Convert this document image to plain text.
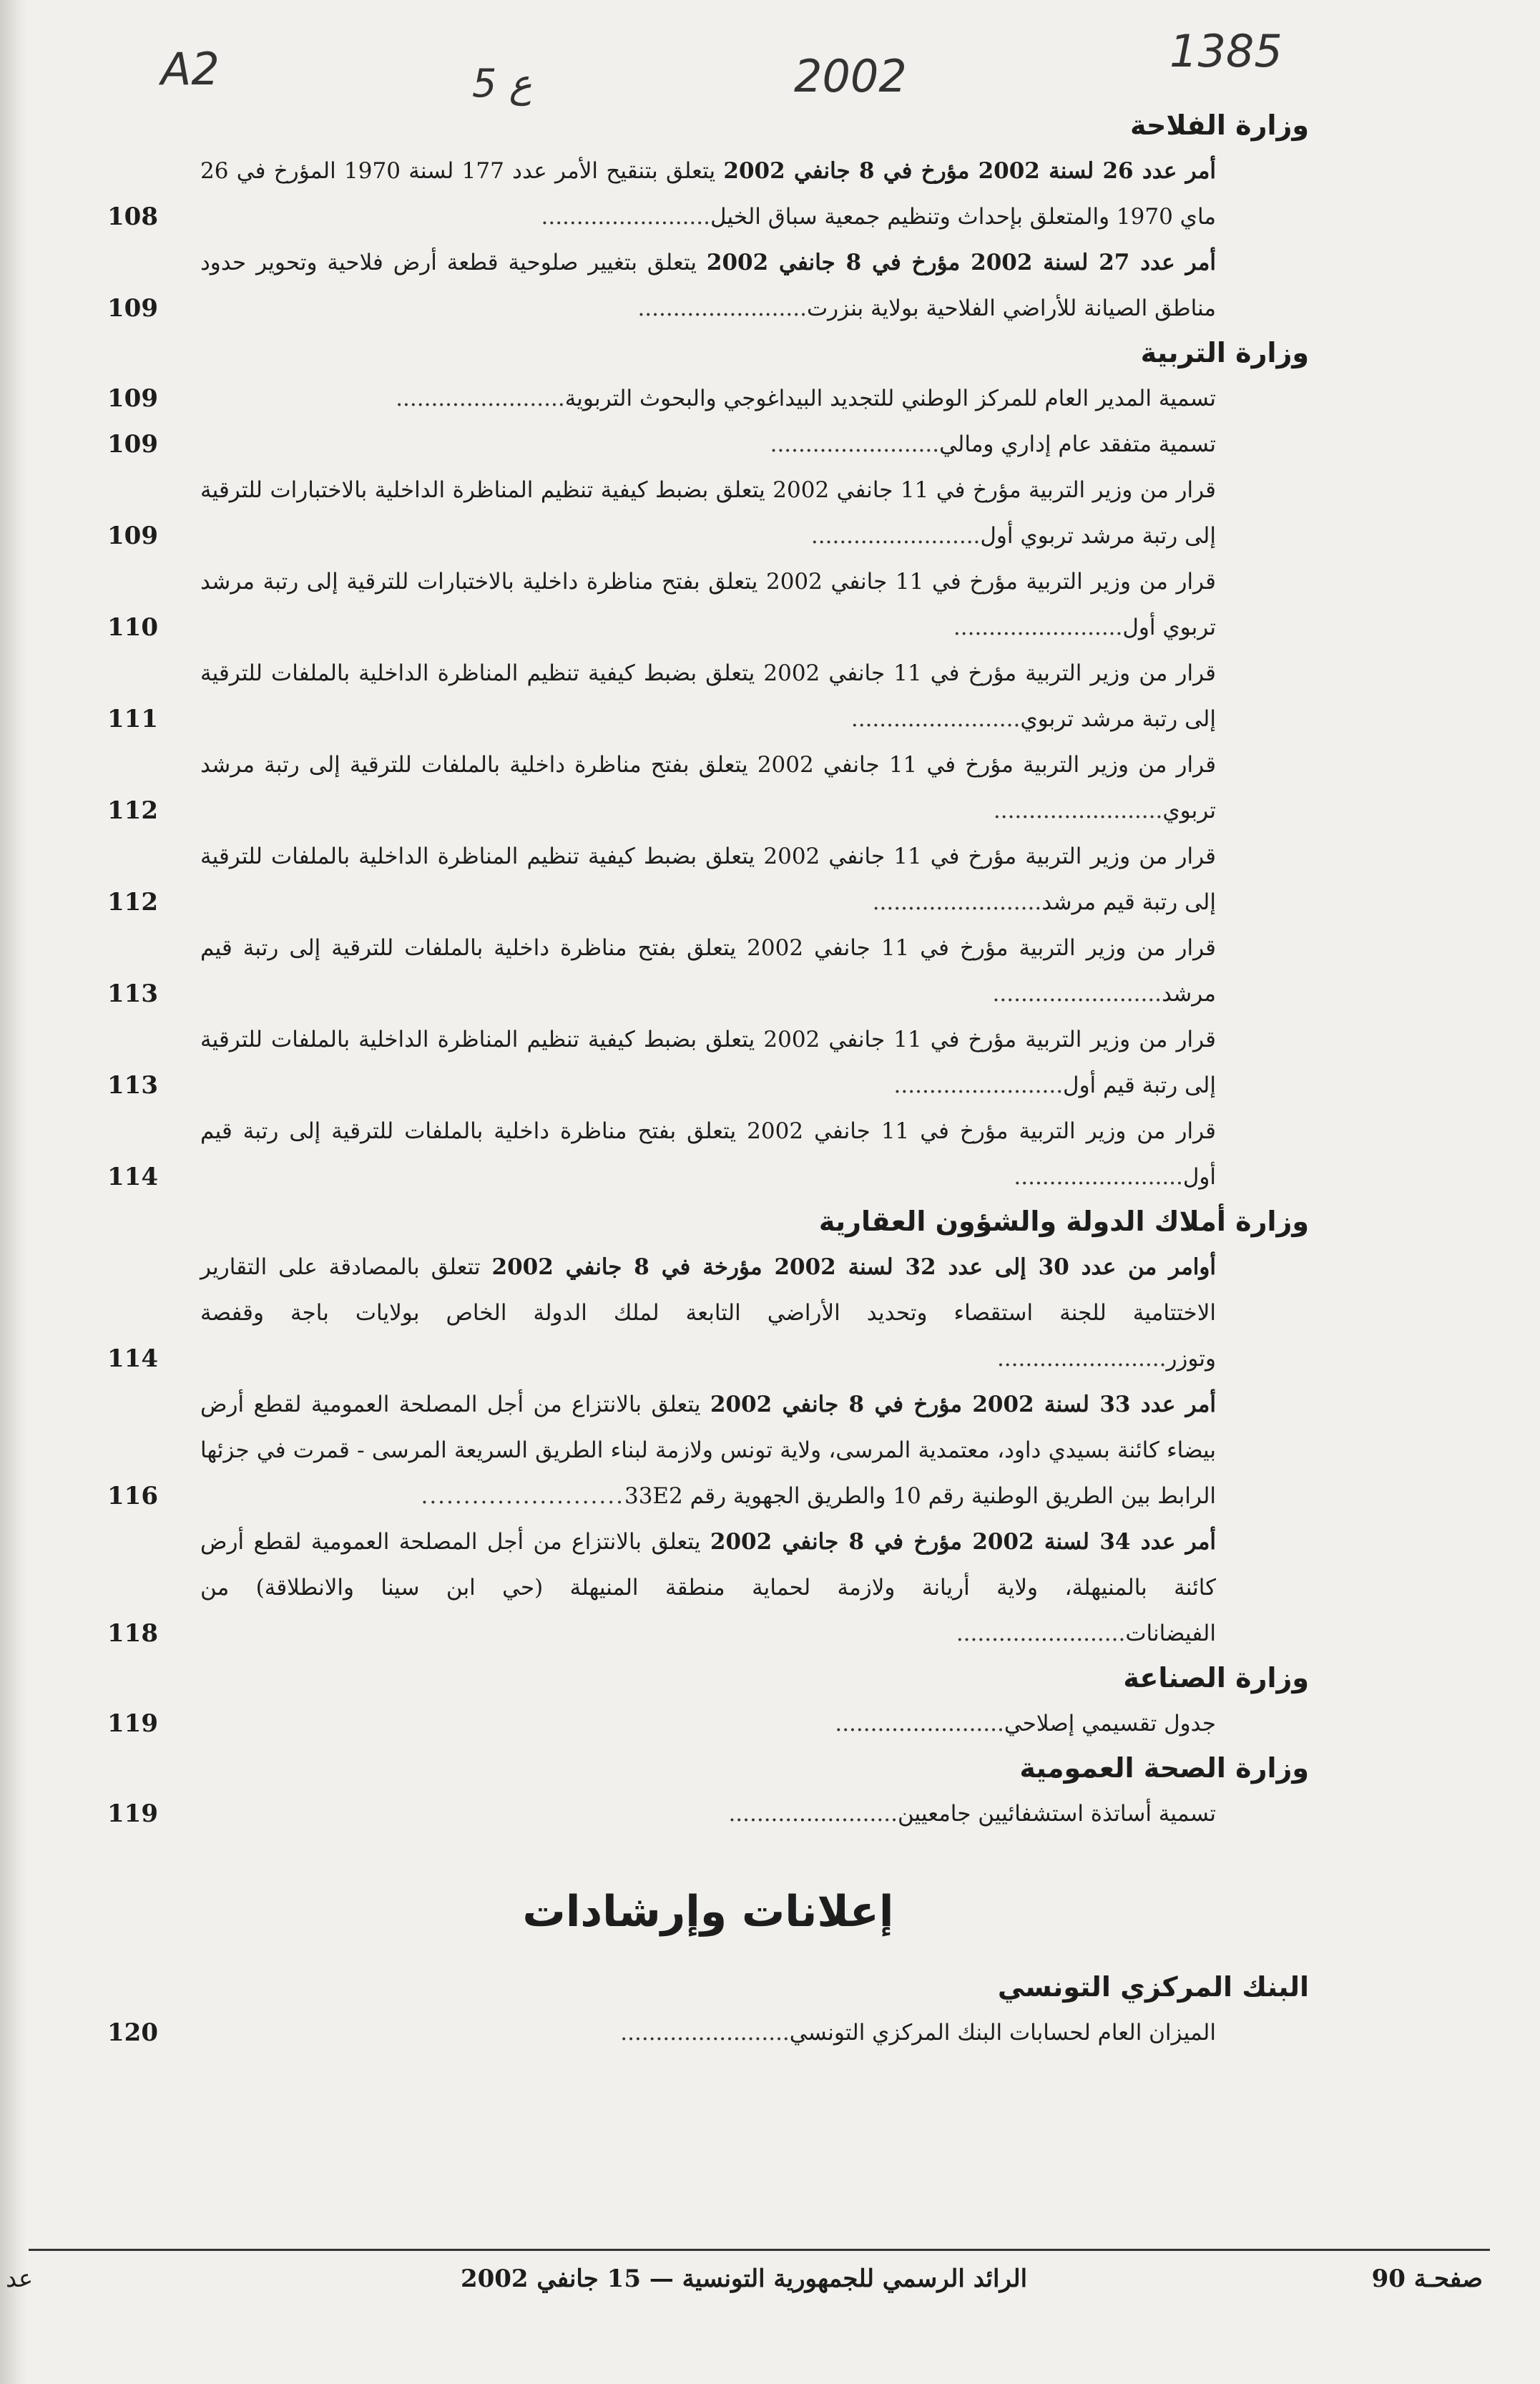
A2	5 ع	2002	1385
وزارة الفلاحة
أمر عدد 26 لسنة 2002 مؤرخ في 8 جانفي 2002 يتعلق بتنقيح الأمر عدد 177 لسنة 1970 المؤرخ في 26 ماي 1970 والمتعلق بإحداث وتنظيم جمعية سباق الخيل........................
108
أمر عدد 27 لسنة 2002 مؤرخ في 8 جانفي 2002 يتعلق بتغيير صلوحية قطعة أرض فلاحية وتحوير حدود مناطق الصيانة للأراضي الفلاحية بولاية بنزرت........................
109
وزارة التربية
تسمية المدير العام للمركز الوطني للتجديد البيداغوجي والبحوث التربوية........................
109
تسمية متفقد عام إداري ومالي........................
109
قرار من وزير التربية مؤرخ في 11 جانفي 2002 يتعلق بضبط كيفية تنظيم المناظرة الداخلية بالاختبارات للترقية إلى رتبة مرشد تربوي أول........................
109
قرار من وزير التربية مؤرخ في 11 جانفي 2002 يتعلق بفتح مناظرة داخلية بالاختبارات للترقية إلى رتبة مرشد تربوي أول........................
110
قرار من وزير التربية مؤرخ في 11 جانفي 2002 يتعلق بضبط كيفية تنظيم المناظرة الداخلية بالملفات للترقية إلى رتبة مرشد تربوي........................
111
قرار من وزير التربية مؤرخ في 11 جانفي 2002 يتعلق بفتح مناظرة داخلية بالملفات للترقية إلى رتبة مرشد تربوي........................
112
قرار من وزير التربية مؤرخ في 11 جانفي 2002 يتعلق بضبط كيفية تنظيم المناظرة الداخلية بالملفات للترقية إلى رتبة قيم مرشد........................
112
قرار من وزير التربية مؤرخ في 11 جانفي 2002 يتعلق بفتح مناظرة داخلية بالملفات للترقية إلى رتبة قيم مرشد........................
113
قرار من وزير التربية مؤرخ في 11 جانفي 2002 يتعلق بضبط كيفية تنظيم المناظرة الداخلية بالملفات للترقية إلى رتبة قيم أول........................
113
قرار من وزير التربية مؤرخ في 11 جانفي 2002 يتعلق بفتح مناظرة داخلية بالملفات للترقية إلى رتبة قيم أول........................
114
وزارة أملاك الدولة والشؤون العقارية
أوامر من عدد 30 إلى عدد 32 لسنة 2002 مؤرخة في 8 جانفي 2002 تتعلق بالمصادقة على التقارير الاختتامية للجنة استقصاء وتحديد الأراضي التابعة لملك الدولة الخاص بولايات باجة وقفصة وتوزر........................
114
أمر عدد 33 لسنة 2002 مؤرخ في 8 جانفي 2002 يتعلق بالانتزاع من أجل المصلحة العمومية لقطع أرض بيضاء كائنة بسيدي داود، معتمدية المرسى، ولاية تونس ولازمة لبناء الطريق السريعة المرسى - قمرت في جزئها الرابط بين الطريق الوطنية رقم 10 والطريق الجهوية رقم 33E2........................
116
أمر عدد 34 لسنة 2002 مؤرخ في 8 جانفي 2002 يتعلق بالانتزاع من أجل المصلحة العمومية لقطع أرض كائنة بالمنيهلة، ولاية أريانة ولازمة لحماية منطقة المنيهلة (حي ابن سينا والانطلاقة) من الفيضانات........................
118
وزارة الصناعة
جدول تقسيمي إصلاحي........................
119
وزارة الصحة العمومية
تسمية أساتذة استشفائيين جامعيين........................
119
إعلانات وإرشادات
البنك المركزي التونسي
الميزان العام لحسابات البنك المركزي التونسي........................
120
صفحـة 90
الرائد الرسمي للجمهورية التونسية — 15 جانفي 2002
عد
